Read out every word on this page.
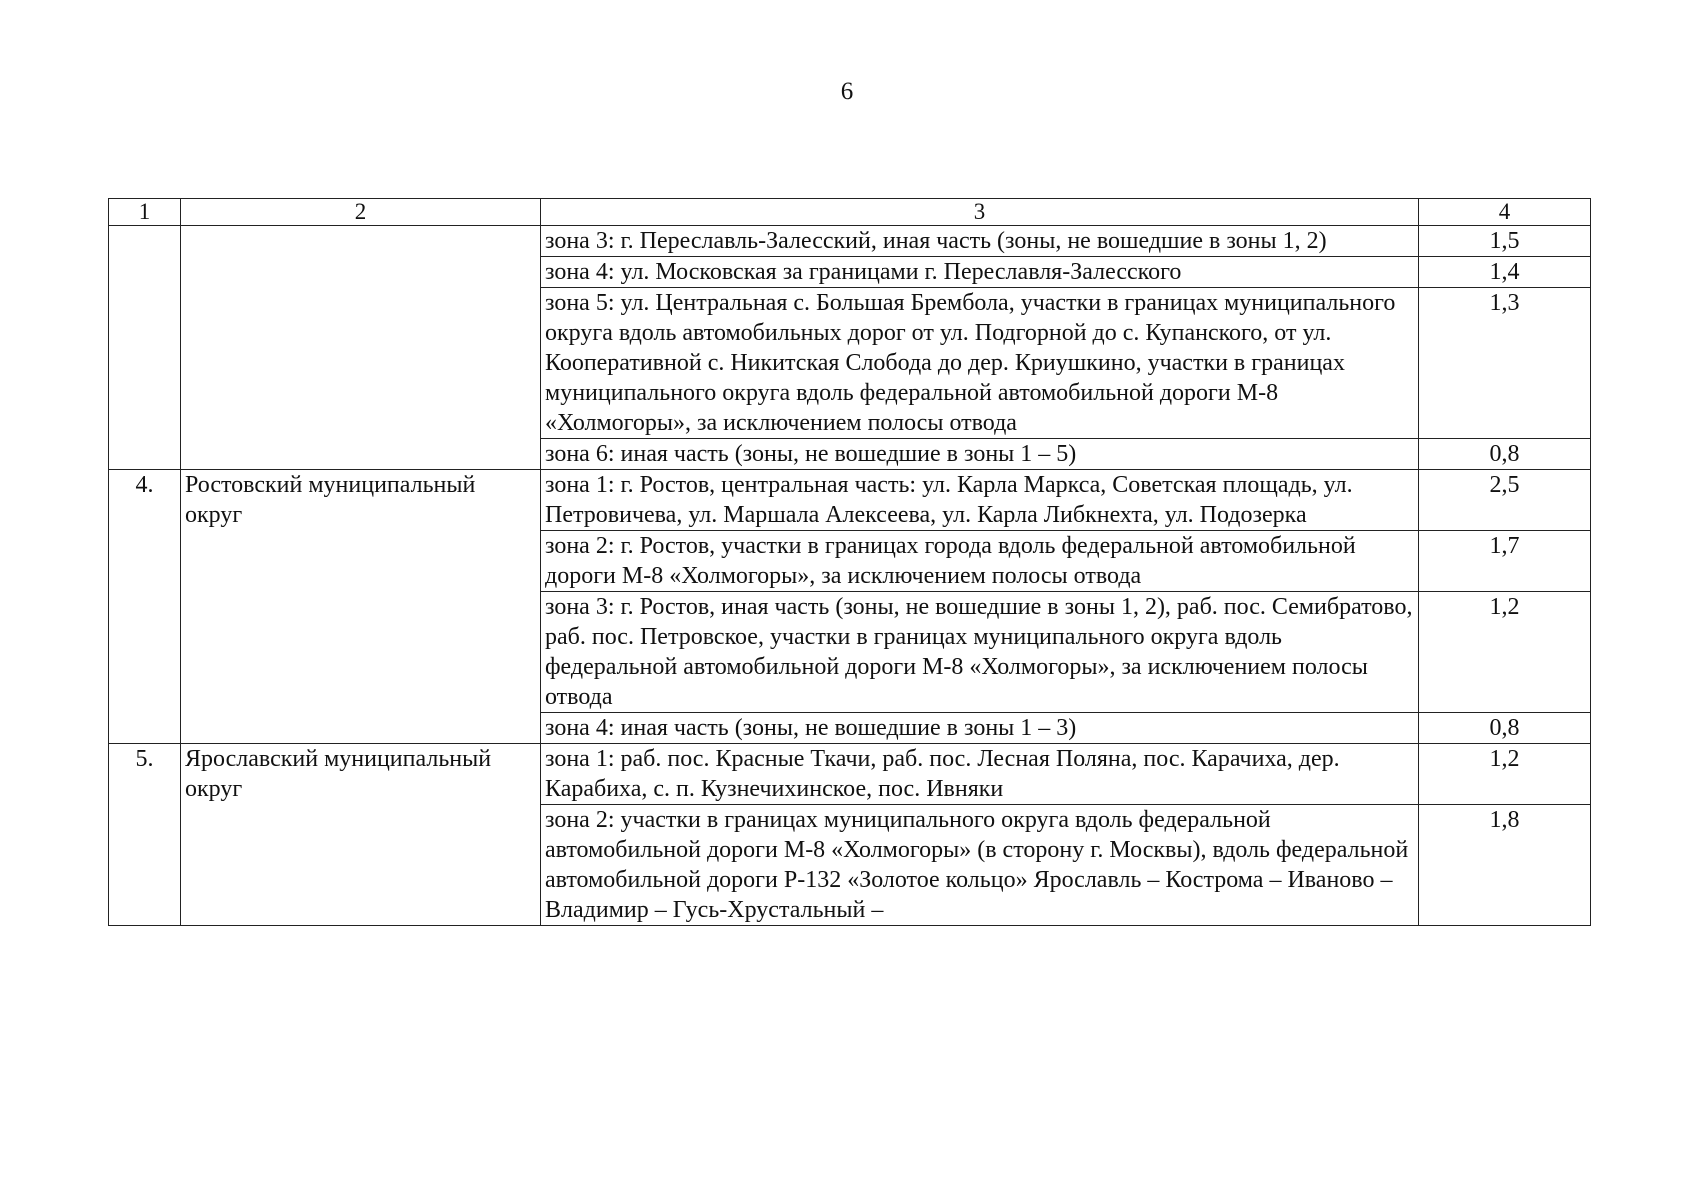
6
1	2	3	4
		зона 3: г. Переславль-Залесский, иная часть (зоны, не вошедшие в зоны 1, 2)	1,5
		зона 4: ул. Московская за границами г. Переславля-Залесского	1,4
		зона 5: ул. Центральная с. Большая Брембола, участки в границах муниципального округа вдоль автомобильных дорог от ул. Подгорной до с. Купанского, от ул. Кооперативной с. Никитская Слобода до дер. Криушкино, участки в границах муниципального округа вдоль федеральной автомобильной дороги М-8 «Холмогоры», за исключением полосы отвода	1,3
		зона 6: иная часть (зоны, не вошедшие в зоны 1 – 5)	0,8
4.	Ростовский муниципальный округ	зона 1: г. Ростов, центральная часть: ул. Карла Маркса, Советская площадь, ул. Петровичева, ул. Маршала Алексеева, ул. Карла Либкнехта, ул. Подозерка	2,5
		зона 2: г. Ростов, участки в границах города вдоль федеральной автомобильной дороги М-8 «Холмогоры», за исключением полосы отвода	1,7
		зона 3: г. Ростов, иная часть (зоны, не вошедшие в зоны 1, 2), раб. пос. Семибратово, раб. пос. Петровское, участки в границах муниципального округа вдоль федеральной автомобильной дороги М-8 «Холмогоры», за исключением полосы отвода	1,2
		зона 4: иная часть (зоны, не вошедшие в зоны 1 – 3)	0,8
5.	Ярославский муниципальный округ	зона 1: раб. пос. Красные Ткачи, раб. пос. Лесная Поляна, пос. Карачиха, дер. Карабиха, с. п. Кузнечихинское, пос. Ивняки	1,2
		зона 2: участки в границах муниципального округа вдоль федеральной автомобильной дороги М-8 «Холмогоры» (в сторону г. Москвы), вдоль федеральной автомобильной дороги Р-132 «Золотое кольцо» Ярославль – Кострома – Иваново – Владимир – Гусь-Хрустальный –	1,8
